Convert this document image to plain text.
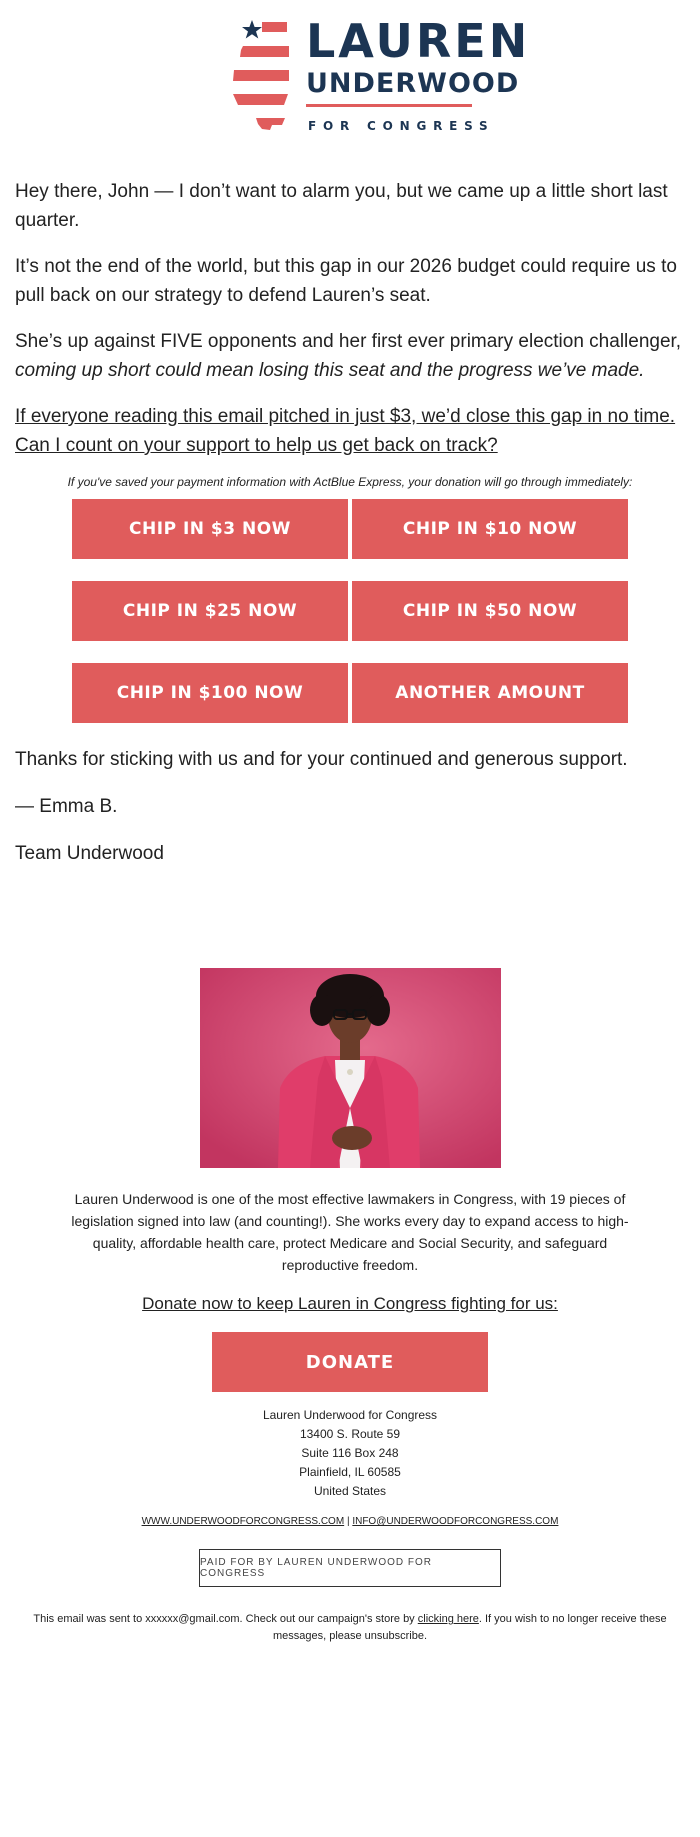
LAUREN
UNDERWOOD
FOR CONGRESS

Hey there, John — I don’t want to alarm you, but we came up a little short last quarter.

It’s not the end of the world, but this gap in our 2026 budget could require us to pull back on our strategy to defend Lauren’s seat.

She’s up against FIVE opponents and her first ever primary election challenger, coming up short could mean losing this seat and the progress we’ve made.

If everyone reading this email pitched in just $3, we’d close this gap in no time. Can I count on your support to help us get back on track?

If you've saved your payment information with ActBlue Express, your donation will go through immediately:

CHIP IN $3 NOW	CHIP IN $10 NOW
CHIP IN $25 NOW	CHIP IN $50 NOW
CHIP IN $100 NOW	ANOTHER AMOUNT

Thanks for sticking with us and for your continued and generous support.

— Emma B.

Team Underwood

Lauren Underwood is one of the most effective lawmakers in Congress, with 19 pieces of legislation signed into law (and counting!). She works every day to expand access to high-quality, affordable health care, protect Medicare and Social Security, and safeguard reproductive freedom.

Donate now to keep Lauren in Congress fighting for us:
DONATE
Lauren Underwood for Congress
13400 S. Route 59
Suite 116 Box 248
Plainfield, IL 60585
United States
WWW.UNDERWOODFORCONGRESS.COM | INFO@UNDERWOODFORCONGRESS.COM
PAID FOR BY LAUREN UNDERWOOD FOR CONGRESS
This email was sent to xxxxxx@gmail.com. Check out our campaign's store by clicking here. If you wish to no longer receive these messages, please unsubscribe.
